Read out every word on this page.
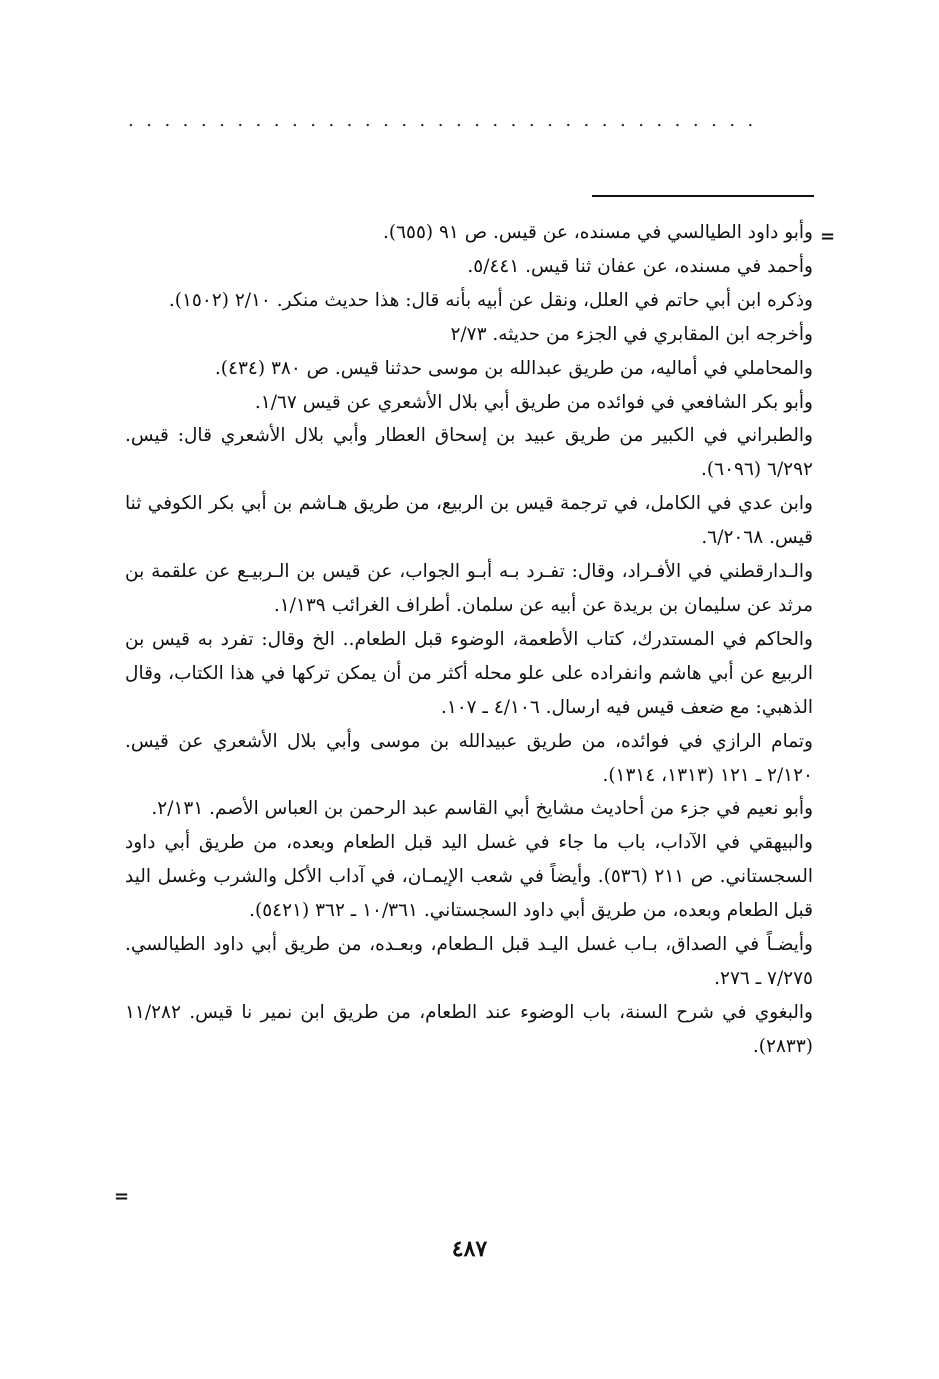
...................................
=

وأبو داود الطيالسي في مسنده، عن قيس. ص ٩١ (٦٥٥).

وأحمد في مسنده، عن عفان ثنا قيس. ٥/٤٤١.

وذكره ابن أبي حاتم في العلل، ونقل عن أبيه بأنه قال: هذا حديث منكر. ٢/١٠ (١٥٠٢).

وأخرجه ابن المقابري في الجزء من حديثه. ٢/٧٣

والمحاملي في أماليه، من طريق عبدالله بن موسى حدثنا قيس. ص ٣٨٠ (٤٣٤).

وأبو بكر الشافعي في فوائده من طريق أبي بلال الأشعري عن قيس ١/٦٧.

والطبراني في الكبير من طريق عبيد بن إسحاق العطار وأبي بلال الأشعري قال: قيس. ٦/٢٩٢ (٦٠٩٦).

وابن عدي في الكامل، في ترجمة قيس بن الربيع، من طريق هـاشم بن أبي بكر الكوفي ثنا قيس. ٦/٢٠٦٨.

والـدارقطني في الأفـراد، وقال: تفـرد بـه أبـو الجواب، عن قيس بن الـربيـع عن علقمة بن مرثد عن سليمان بن بريدة عن أبيه عن سلمان. أطراف الغرائب ١/١٣٩.

والحاكم في المستدرك، كتاب الأطعمة، الوضوء قبل الطعام.. الخ وقال: تفرد به قيس بن الربيع عن أبي هاشم وانفراده على علو محله أكثر من أن يمكن تركها في هذا الكتاب، وقال الذهبي: مع ضعف قيس فيه ارسال. ٤/١٠٦ ـ ١٠٧.

وتمام الرازي في فوائده، من طريق عبيدالله بن موسى وأبي بلال الأشعري عن قيس. ٢/١٢٠ ـ ١٢١ (١٣١٣، ١٣١٤).

وأبو نعيم في جزء من أحاديث مشايخ أبي القاسم عبد الرحمن بن العباس الأصم. ٢/١٣١.

والبيهقي في الآداب، باب ما جاء في غسل اليد قبل الطعام وبعده، من طريق أبي داود السجستاني. ص ٢١١ (٥٣٦). وأيضاً في شعب الإيمـان، في آداب الأكل والشرب وغسل اليد قبل الطعام وبعده، من طريق أبي داود السجستاني. ١٠/٣٦١ ـ ٣٦٢ (٥٤٢١).

وأيضـاً في الصداق، بـاب غسل اليـد قبل الـطعام، وبعـده، من طريق أبي داود الطيالسي. ٧/٢٧٥ ـ ٢٧٦.

والبغوي في شرح السنة، باب الوضوء عند الطعام، من طريق ابن نمير نا قيس. ١١/٢٨٢ (٢٨٣٣).

=
٤٨٧
